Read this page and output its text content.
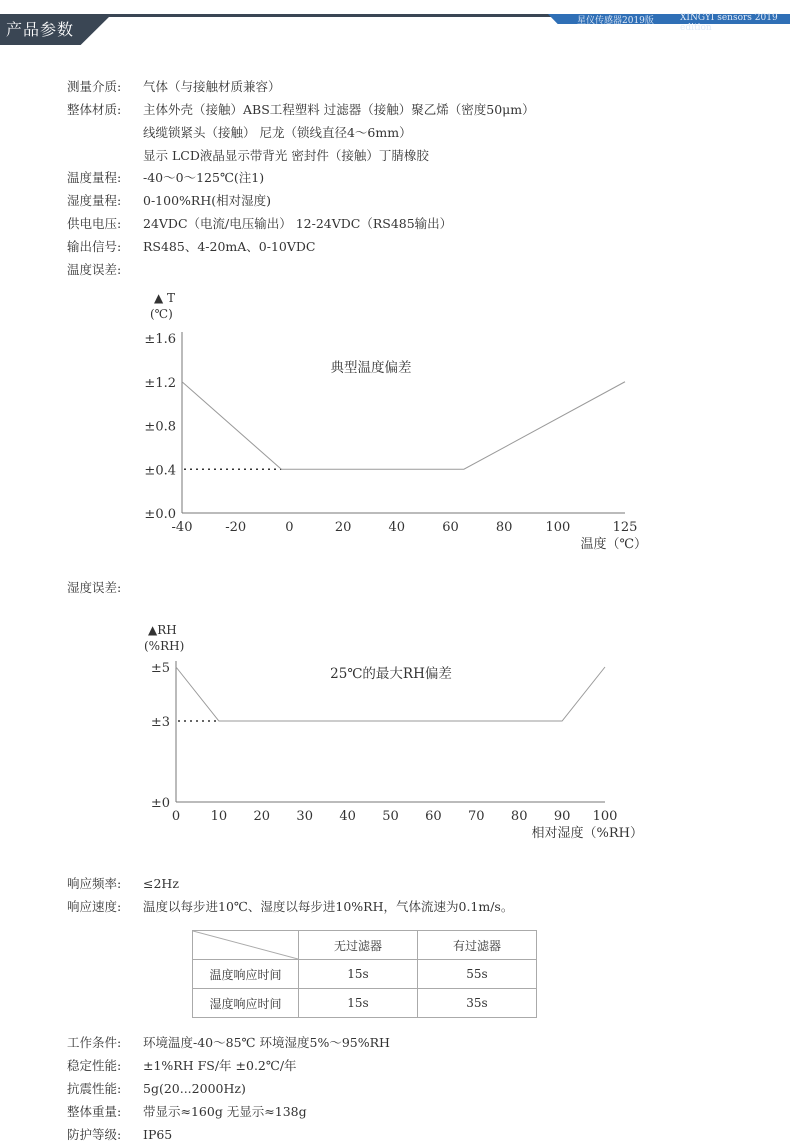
产品参数	星仪传感器2019版	XINGYI sensors 2019 edition
测量介质: 气体（与接触材质兼容）
整体材质: 主体外壳（接触）ABS工程塑料 过滤器（接触）聚乙烯（密度50μm）
线缆锁紧头（接触） 尼龙（锁线直径4～6mm）
显示 LCD液晶显示带背光 密封件（接触）丁腈橡胶
温度量程: -40～0～125℃(注1)
湿度量程: 0-100%RH(相对湿度)
供电电压: 24VDC（电流/电压输出） 12-24VDC（RS485输出）
输出信号: RS485、4-20mA、0-10VDC
温度误差:
▲ T
(℃)
±0.0
±0.4
±0.8
±1.2
±1.6
-40	-20	0	20	40	60	80	100	125
温度（℃）
典型温度偏差
湿度误差:
▲RH
(%RH)
±0
±3
±5
0 10 20 30 40 50 60 70 80 90 100
相对湿度（%RH）
25℃的最大RH偏差
响应频率: ≤2Hz
响应速度: 温度以每步进10℃、湿度以每步进10%RH，气体流速为0.1m/s。
	无过滤器	有过滤器
温度响应时间	15s	55s
湿度响应时间	15s	35s
工作条件: 环境温度-40～85℃ 环境湿度5%～95%RH
稳定性能: ±1%RH FS/年 ±0.2℃/年
抗震性能: 5g(20...2000Hz)
整体重量: 带显示≈160g 无显示≈138g
防护等级: IP65
